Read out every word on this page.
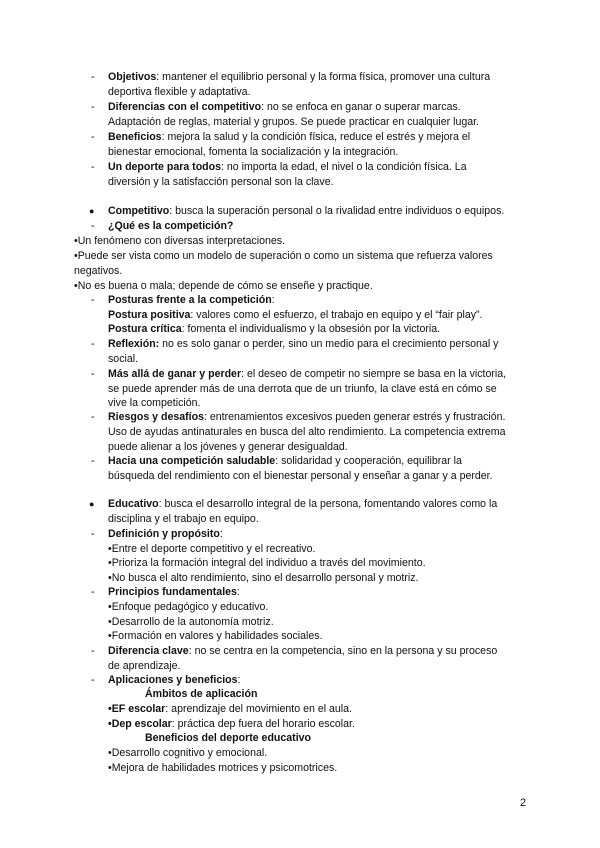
- Objetivos: mantener el equilibrio personal y la forma física, promover una cultura
deportiva flexible y adaptativa.
- Diferencias con el competitivo: no se enfoca en ganar o superar marcas.
Adaptación de reglas, material y grupos. Se puede practicar en cualquier lugar.
- Beneficios: mejora la salud y la condición física, reduce el estrés y mejora el
bienestar emocional, fomenta la socialización y la integración.
- Un deporte para todos: no importa la edad, el nivel o la condición física. La
diversión y la satisfacción personal son la clave.
● Competitivo: busca la superación personal o la rivalidad entre individuos o equipos.
- ¿Qué es la competición?
•Un fenómeno con diversas interpretaciones.
•Puede ser vista como un modelo de superación o como un sistema que refuerza valores
negativos.
•No es buena o mala; depende de cómo se enseñe y practique.
- Posturas frente a la competición:
Postura positiva: valores como el esfuerzo, el trabajo en equipo y el “fair play”.
Postura crítica: fomenta el individualismo y la obsesión por la victoria.
- Reflexión: no es solo ganar o perder, sino un medio para el crecimiento personal y
social.
- Más allá de ganar y perder: el deseo de competir no siempre se basa en la victoria,
se puede aprender más de una derrota que de un triunfo, la clave está en cómo se
vive la competición.
- Riesgos y desafíos: entrenamientos excesivos pueden generar estrés y frustración.
Uso de ayudas antinaturales en busca del alto rendimiento. La competencia extrema
puede alienar a los jóvenes y generar desigualdad.
- Hacia una competición saludable: solidaridad y cooperación, equilibrar la
búsqueda del rendimiento con el bienestar personal y enseñar a ganar y a perder.
● Educativo: busca el desarrollo integral de la persona, fomentando valores como la
disciplina y el trabajo en equipo.
- Definición y propósito:
•Entre el deporte competitivo y el recreativo.
•Prioriza la formación integral del individuo a través del movimiento.
•No busca el alto rendimiento, sino el desarrollo personal y motriz.
- Principios fundamentales:
•Enfoque pedagógico y educativo.
•Desarrollo de la autonomía motriz.
•Formación en valores y habilidades sociales.
- Diferencia clave: no se centra en la competencia, sino en la persona y su proceso
de aprendizaje.
- Aplicaciones y beneficios:
Ámbitos de aplicación
•EF escolar: aprendizaje del movimiento en el aula.
•Dep escolar: práctica dep fuera del horario escolar.
Beneficios del deporte educativo
•Desarrollo cognitivo y emocional.
•Mejora de habilidades motrices y psicomotrices.
2
